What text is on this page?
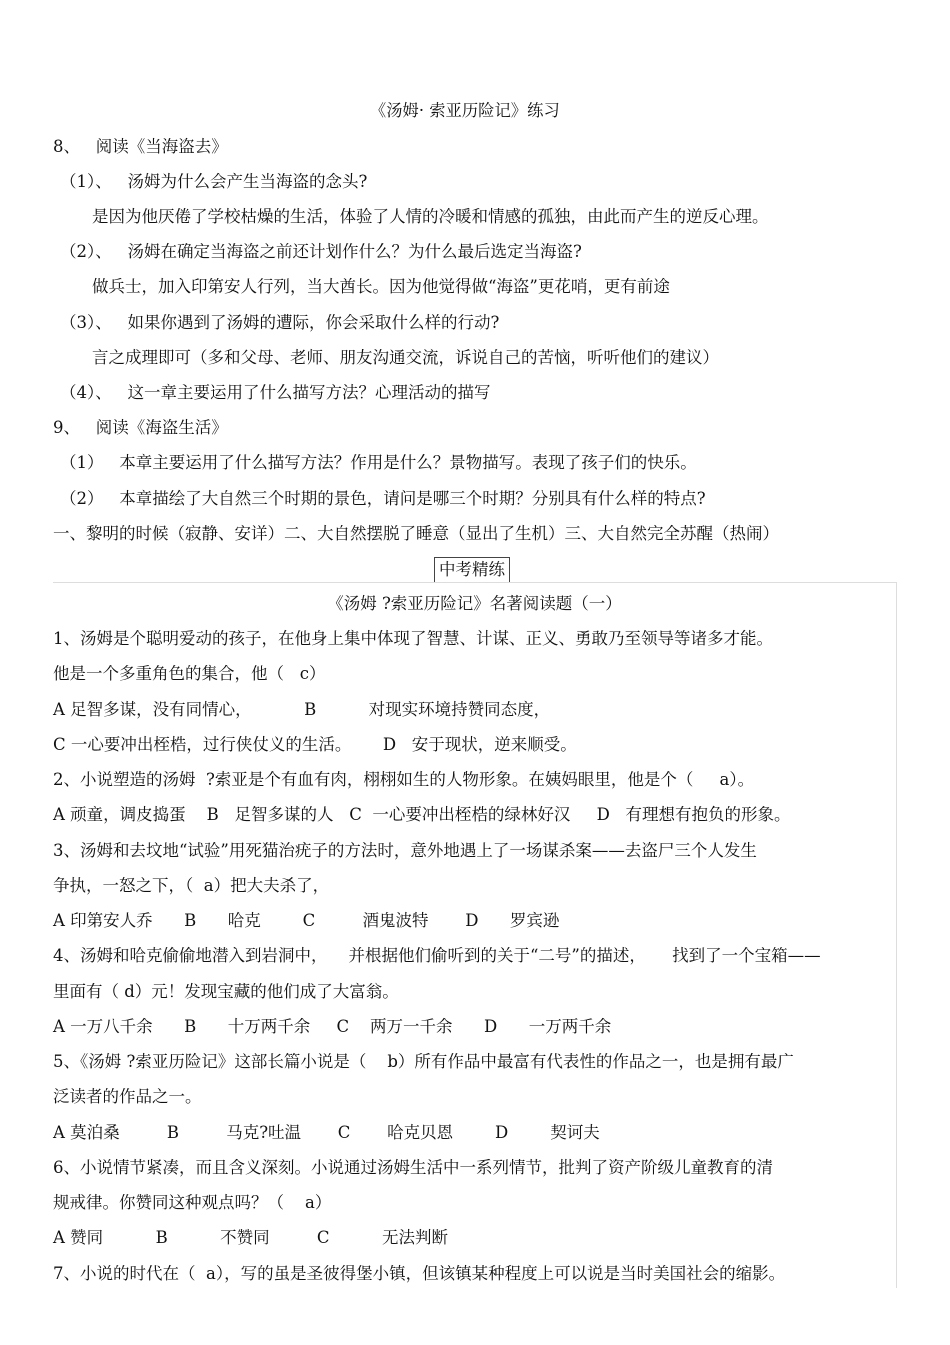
《汤姆· 索亚历险记》练习
8、   阅读《当海盗去》
（1）、   汤姆为什么会产生当海盗的念头?
是因为他厌倦了学校枯燥的生活，体验了人情的冷暖和情感的孤独，由此而产生的逆反心理。
（2）、   汤姆在确定当海盗之前还计划作什么？为什么最后选定当海盗?
做兵士，加入印第安人行列，当大酋长。因为他觉得做“海盗”更花哨，更有前途
（3）、   如果你遇到了汤姆的遭际，你会采取什么样的行动?
言之成理即可（多和父母、老师、朋友沟通交流，诉说自己的苦恼，听听他们的建议）
（4）、   这一章主要运用了什么描写方法？心理活动的描写
9、   阅读《海盗生活》
（1）   本章主要运用了什么描写方法？作用是什么？景物描写。表现了孩子们的快乐。
（2）   本章描绘了大自然三个时期的景色，请问是哪三个时期？分别具有什么样的特点?
一、黎明的时候（寂静、安详）二、大自然摆脱了睡意（显出了生机）三、大自然完全苏醒（热闹）
中考精练
《汤姆 ?索亚历险记》名著阅读题（一）
1、汤姆是个聪明爱动的孩子，在他身上集中体现了智慧、计谋、正义、勇敢乃至领导等诸多才能。
他是一个多重角色的集合，他（   c）
A 足智多谋，没有同情心，          B          对现实环境持赞同态度，
C 一心要冲出桎梏，过行侠仗义的生活。      D   安于现状，逆来顺受。
2、小说塑造的汤姆  ?索亚是个有血有肉，栩栩如生的人物形象。在姨妈眼里，他是个（     a）。
A 顽童，调皮捣蛋    B   足智多谋的人   C  一心要冲出桎梏的绿林好汉     D   有理想有抱负的形象。
3、汤姆和去坟地“试验”用死猫治疣子的方法时，意外地遇上了一场谋杀案——去盗尸三个人发生
争执，一怒之下，（  a）把大夫杀了，
A 印第安人乔      B      哈克        C         酒鬼波特       D      罗宾逊
4、汤姆和哈克偷偷地潜入到岩洞中，    并根据他们偷听到的关于“二号”的描述，     找到了一个宝箱——
里面有（ d）元！发现宝藏的他们成了大富翁。
A 一万八千余      B      十万两千余     C    两万一千余      D      一万两千余
5、《汤姆 ?索亚历险记》这部长篇小说是（    b）所有作品中最富有代表性的作品之一，也是拥有最广
泛读者的作品之一。
A 莫泊桑         B         马克?吐温       C       哈克贝恩        D        契诃夫
6、小说情节紧凑，而且含义深刻。小说通过汤姆生活中一系列情节，批判了资产阶级儿童教育的清
规戒律。你赞同这种观点吗？（    a）
A 赞同          B          不赞同         C          无法判断
7、小说的时代在（  a），写的虽是圣彼得堡小镇，但该镇某种程度上可以说是当时美国社会的缩影。
